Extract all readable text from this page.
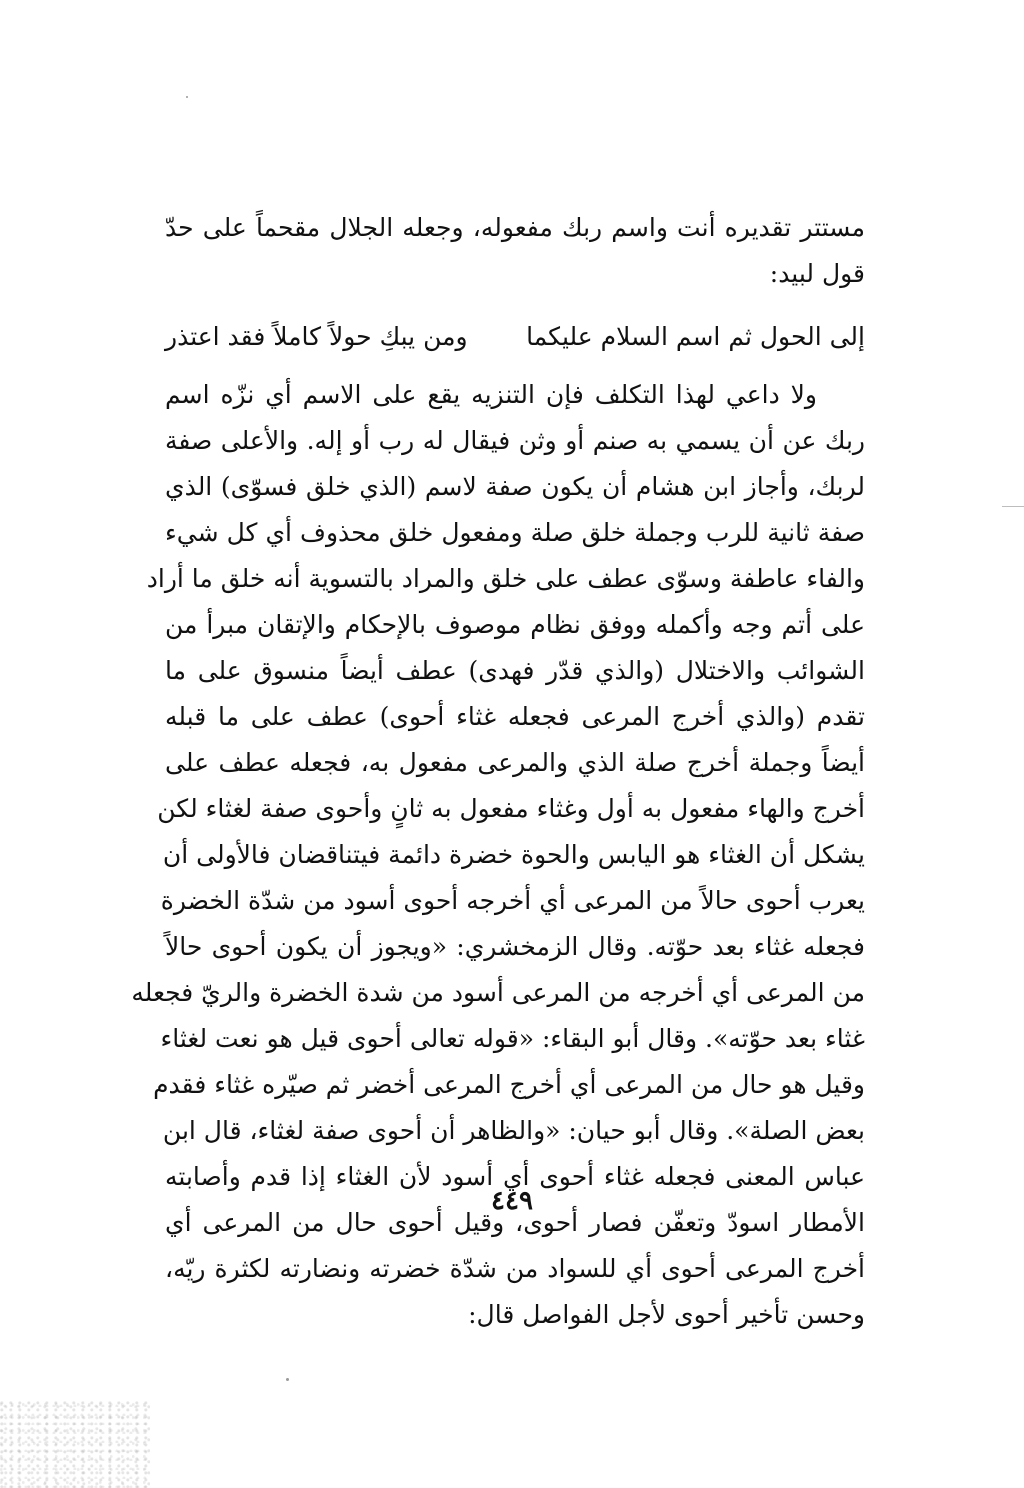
مستتر تقديره أنت واسم ربك مفعوله، وجعله الجلال مقحماً على حدّ
قول لبيد:
إلى الحول ثم اسم السلام عليكما
ومن يبكِ حولاً كاملاً فقد اعتذر
ولا داعي لهذا التكلف فإن التنزيه يقع على الاسم أي نزّه اسم
ربك عن أن يسمي به صنم أو وثن فيقال له رب أو إله. والأعلى صفة
لربك، وأجاز ابن هشام أن يكون صفة لاسم (الذي خلق فسوّى) الذي
صفة ثانية للرب وجملة خلق صلة ومفعول خلق محذوف أي كل شيء
والفاء عاطفة وسوّى عطف على خلق والمراد بالتسوية أنه خلق ما أراد
على أتم وجه وأكمله ووفق نظام موصوف بالإحكام والإتقان مبرأ من
الشوائب والاختلال (والذي قدّر فهدى) عطف أيضاً منسوق على ما
تقدم (والذي أخرج المرعى فجعله غثاء أحوى) عطف على ما قبله
أيضاً وجملة أخرج صلة الذي والمرعى مفعول به، فجعله عطف على
أخرج والهاء مفعول به أول وغثاء مفعول به ثانٍ وأحوى صفة لغثاء لكن
يشكل أن الغثاء هو اليابس والحوة خضرة دائمة فيتناقضان فالأولى أن
يعرب أحوى حالاً من المرعى أي أخرجه أحوى أسود من شدّة الخضرة
فجعله غثاء بعد حوّته. وقال الزمخشري: «ويجوز أن يكون أحوى حالاً
من المرعى أي أخرجه من المرعى أسود من شدة الخضرة والريّ فجعله
غثاء بعد حوّته». وقال أبو البقاء: «قوله تعالى أحوى قيل هو نعت لغثاء
وقيل هو حال من المرعى أي أخرج المرعى أخضر ثم صيّره غثاء فقدم
بعض الصلة». وقال أبو حيان: «والظاهر أن أحوى صفة لغثاء، قال ابن
عباس المعنى فجعله غثاء أحوى أي أسود لأن الغثاء إذا قدم وأصابته
الأمطار اسودّ وتعفّن فصار أحوى، وقيل أحوى حال من المرعى أي
أخرج المرعى أحوى أي للسواد من شدّة خضرته ونضارته لكثرة ريّه،
وحسن تأخير أحوى لأجل الفواصل قال:
٤٤٩
